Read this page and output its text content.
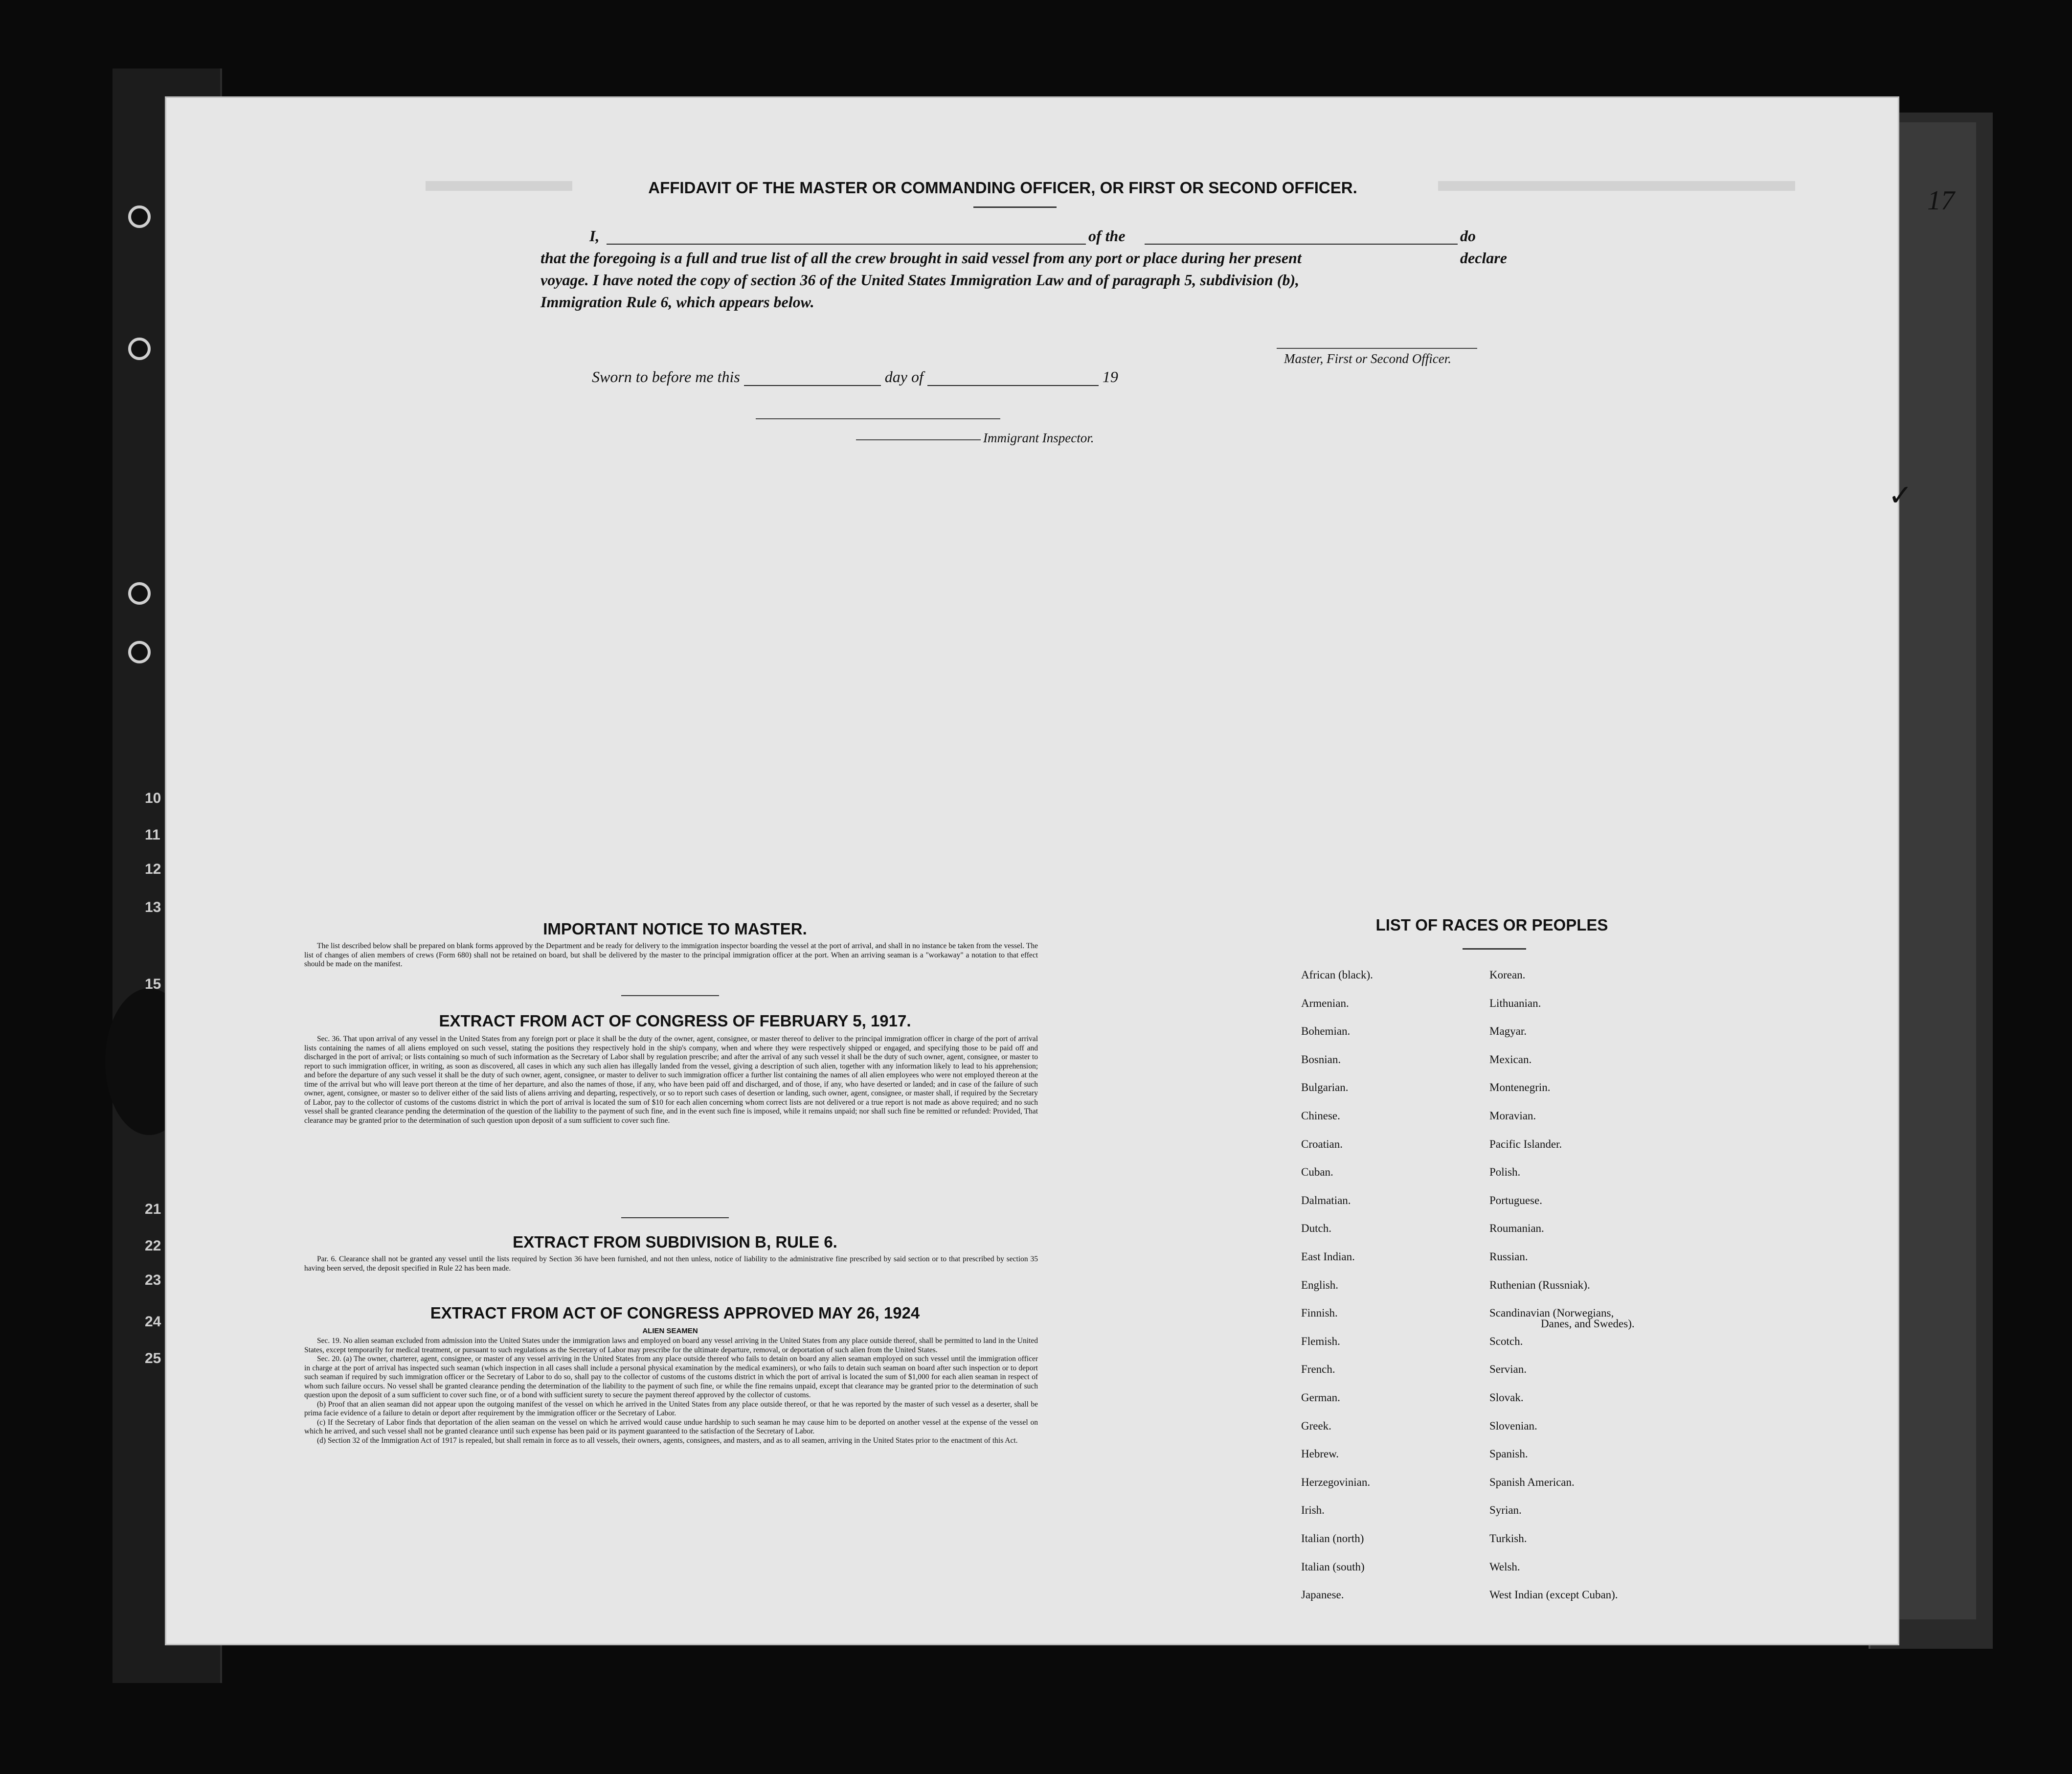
10
11
12
13
15
21
22
23
24
25
17
AFFIDAVIT OF THE MASTER OR COMMANDING OFFICER, OR FIRST OR SECOND OFFICER.
I,	of the	do declare
that the foregoing is a full and true list of all the crew brought in said vessel from any port or place during her present
voyage. I have noted the copy of section 36 of the United States Immigration Law and of paragraph 5, subdivision (b),
Immigration Rule 6, which appears below.
Master, First or Second Officer.
Sworn to before me this	day of	19
Immigrant Inspector.
✓
IMPORTANT NOTICE TO MASTER.

The list described below shall be prepared on blank forms approved by the Department and be ready for delivery to the immigration inspector boarding the vessel at the port of arrival, and shall in no instance be taken from the vessel. The list of changes of alien members of crews (Form 680) shall not be retained on board, but shall be delivered by the master to the principal immigration officer at the port. When an arriving seaman is a "workaway" a notation to that effect should be made on the manifest.

EXTRACT FROM ACT OF CONGRESS OF FEBRUARY 5, 1917.

Sec. 36. That upon arrival of any vessel in the United States from any foreign port or place it shall be the duty of the owner, agent, consignee, or master thereof to deliver to the principal immigration officer in charge of the port of arrival lists containing the names of all aliens employed on such vessel, stating the positions they respectively hold in the ship's company, when and where they were respectively shipped or engaged, and specifying those to be paid off and discharged in the port of arrival; or lists containing so much of such information as the Secretary of Labor shall by regulation prescribe; and after the arrival of any such vessel it shall be the duty of such owner, agent, consignee, or master to report to such immigration officer, in writing, as soon as discovered, all cases in which any such alien has illegally landed from the vessel, giving a description of such alien, together with any information likely to lead to his apprehension; and before the departure of any such vessel it shall be the duty of such owner, agent, consignee, or master to deliver to such immigration officer a further list containing the names of all alien employees who were not employed thereon at the time of the arrival but who will leave port thereon at the time of her departure, and also the names of those, if any, who have been paid off and discharged, and of those, if any, who have deserted or landed; and in case of the failure of such owner, agent, consignee, or master so to deliver either of the said lists of aliens arriving and departing, respectively, or so to report such cases of desertion or landing, such owner, agent, consignee, or master shall, if required by the Secretary of Labor, pay to the collector of customs of the customs district in which the port of arrival is located the sum of $10 for each alien concerning whom correct lists are not delivered or a true report is not made as above required; and no such vessel shall be granted clearance pending the determination of the question of the liability to the payment of such fine, and in the event such fine is imposed, while it remains unpaid; nor shall such fine be remitted or refunded: Provided, That clearance may be granted prior to the determination of such question upon deposit of a sum sufficient to cover such fine.

EXTRACT FROM SUBDIVISION B, RULE 6.

Par. 6. Clearance shall not be granted any vessel until the lists required by Section 36 have been furnished, and not then unless, notice of liability to the administrative fine prescribed by said section or to that prescribed by section 35 having been served, the deposit specified in Rule 22 has been made.

EXTRACT FROM ACT OF CONGRESS APPROVED MAY 26, 1924
ALIEN SEAMEN

Sec. 19. No alien seaman excluded from admission into the United States under the immigration laws and employed on board any vessel arriving in the United States from any place outside thereof, shall be permitted to land in the United States, except temporarily for medical treatment, or pursuant to such regulations as the Secretary of Labor may prescribe for the ultimate departure, removal, or deportation of such alien from the United States.

Sec. 20. (a) The owner, charterer, agent, consignee, or master of any vessel arriving in the United States from any place outside thereof who fails to detain on board any alien seaman employed on such vessel until the immigration officer in charge at the port of arrival has inspected such seaman (which inspection in all cases shall include a personal physical examination by the medical examiners), or who fails to detain such seaman on board after such inspection or to deport such seaman if required by such immigration officer or the Secretary of Labor to do so, shall pay to the collector of customs of the customs district in which the port of arrival is located the sum of $1,000 for each alien seaman in respect of whom such failure occurs. No vessel shall be granted clearance pending the determination of the liability to the payment of such fine, or while the fine remains unpaid, except that clearance may be granted prior to the determination of such question upon the deposit of a sum sufficient to cover such fine, or of a bond with sufficient surety to secure the payment thereof approved by the collector of customs.

(b) Proof that an alien seaman did not appear upon the outgoing manifest of the vessel on which he arrived in the United States from any place outside thereof, or that he was reported by the master of such vessel as a deserter, shall be prima facie evidence of a failure to detain or deport after requirement by the immigration officer or the Secretary of Labor.

(c) If the Secretary of Labor finds that deportation of the alien seaman on the vessel on which he arrived would cause undue hardship to such seaman he may cause him to be deported on another vessel at the expense of the vessel on which he arrived, and such vessel shall not be granted clearance until such expense has been paid or its payment guaranteed to the satisfaction of the Secretary of Labor.

(d) Section 32 of the Immigration Act of 1917 is repealed, but shall remain in force as to all vessels, their owners, agents, consignees, and masters, and as to all seamen, arriving in the United States prior to the enactment of this Act.

LIST OF RACES OR PEOPLES
African (black).
Armenian.
Bohemian.
Bosnian.
Bulgarian.
Chinese.
Croatian.
Cuban.
Dalmatian.
Dutch.
East Indian.
English.
Finnish.
Flemish.
French.
German.
Greek.
Hebrew.
Herzegovinian.
Irish.
Italian (north)
Italian (south)
Japanese.
Korean.
Lithuanian.
Magyar.
Mexican.
Montenegrin.
Moravian.
Pacific Islander.
Polish.
Portuguese.
Roumanian.
Russian.
Ruthenian (Russniak).
Scandinavian (Norwegians,
Scotch.
Servian.
Slovak.
Slovenian.
Spanish.
Spanish American.
Syrian.
Turkish.
Welsh.
West Indian (except Cuban).
Danes, and Swedes).
